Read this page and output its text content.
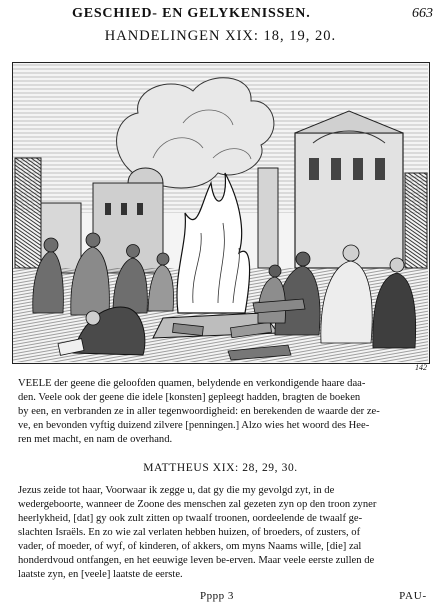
GESCHIED- EN GELYKENISSEN.	663
HANDELINGEN XIX: 18, 19, 20.
142
VEELE der geene die geloofden quamen, belydende en verkondigende haare daa-
den. Veele ook der geene die idele [konsten] gepleegt hadden, bragten de boeken
by een, en verbranden ze in aller tegenwoordigheid: en berekenden de waarde der ze-
ve, en bevonden vyftig duizend zilvere [penningen.] Alzo wies het woord des Hee-
ren met macht, en nam de overhand.
MATTHEUS XIX: 28, 29, 30.
Jezus zeide tot haar, Voorwaar ik zegge u, dat gy die my gevolgd zyt, in de
wedergeboorte, wanneer de Zoone des menschen zal gezeten zyn op den troon zyner
heerlykheid, [dat] gy ook zult zitten op twaalf troonen, oordeelende de twaalf ge-
slachten Israëls. En zo wie zal verlaten hebben huizen, of broeders, of zusters, of
vader, of moeder, of wyf, of kinderen, of akkers, om myns Naams wille, [die] zal
honderdvoud ontfangen, en het eeuwige leven be-erven. Maar veele eerste zullen de
laatste zyn, en [veele] laatste de eerste.
Pppp 3	PAU-
